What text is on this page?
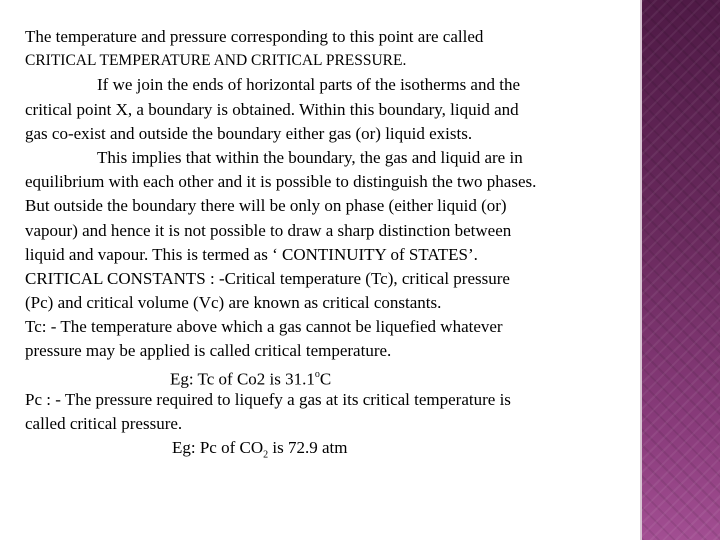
The temperature and pressure corresponding to this point are called
CRITICAL TEMPERATURE AND CRITICAL PRESSURE.
If we join the ends of horizontal parts of the isotherms and the
critical point X, a boundary is obtained. Within this boundary, liquid and
gas co-exist and outside the boundary either gas (or) liquid exists.
This implies that within the boundary, the gas and liquid are in
equilibrium with each other and it is possible to distinguish the two phases.
But outside the boundary there will be only on phase (either liquid (or)
vapour) and hence it is not possible to draw a sharp distinction between
liquid and vapour. This is termed as ‘ CONTINUITY of STATES’.
CRITICAL CONSTANTS : -Critical temperature (Tc), critical pressure
(Pc) and critical volume (Vc) are known as critical constants.
Tc: - The temperature above which a gas cannot be liquefied whatever
pressure may be applied is called critical temperature.
Eg: Tc of Co2 is 31.1$^o$C
Pc : - The pressure required to liquefy a gas at its critical temperature is
called critical pressure.
Eg: Pc of $CO_2$ is 72.9 atm
